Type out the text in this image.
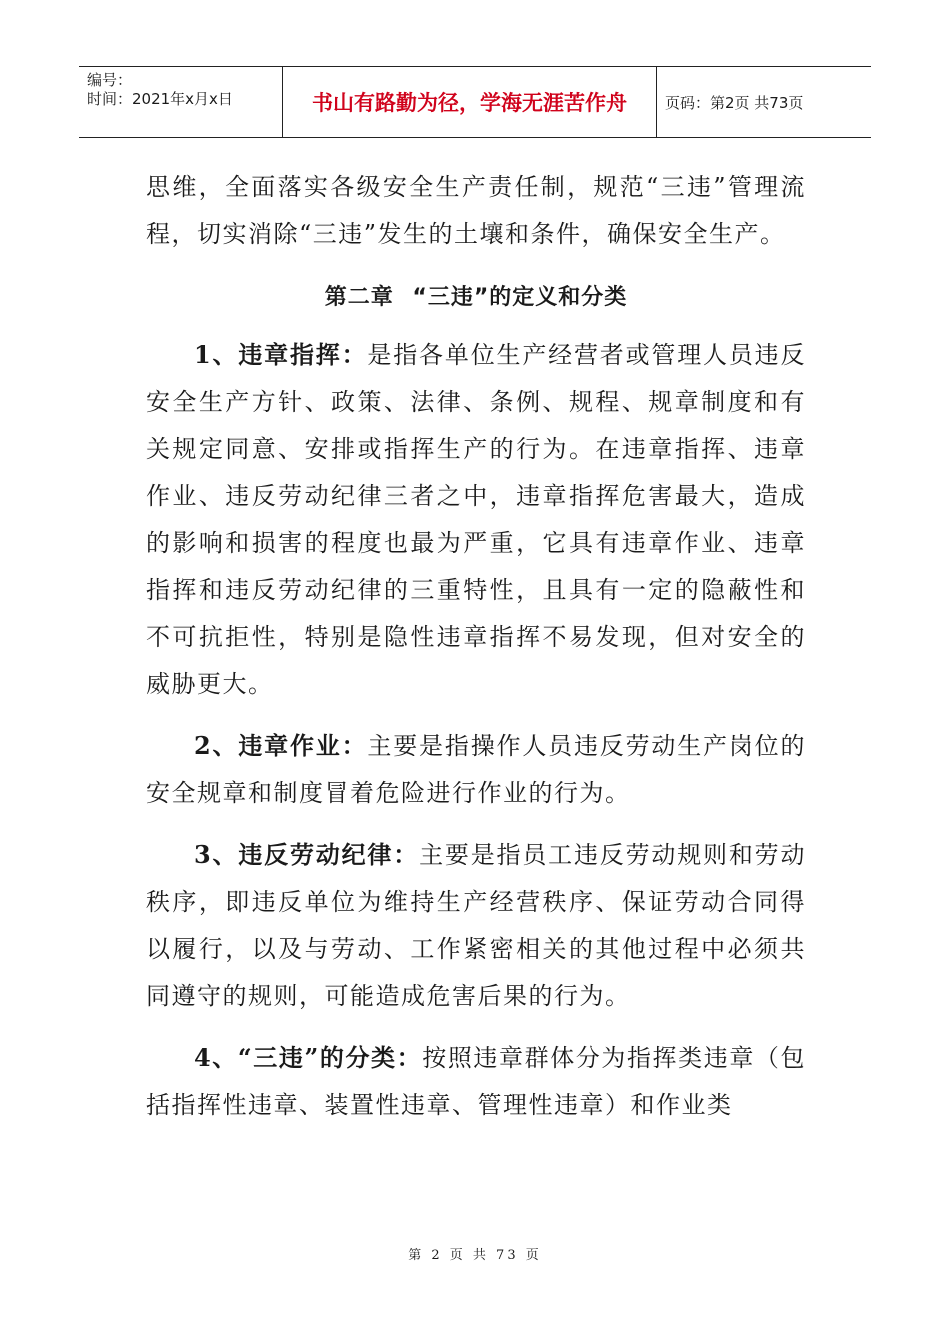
编号：
时间：2021年x月x日	书山有路勤为径，学海无涯苦作舟	页码：第2页 共73页

思维，全面落实各级安全生产责任制，规范“三违”管理流程，切实消除“三违”发生的土壤和条件，确保安全生产。

第二章 “三违”的定义和分类

1、违章指挥：是指各单位生产经营者或管理人员违反安全生产方针、政策、法律、条例、规程、规章制度和有关规定同意、安排或指挥生产的行为。在违章指挥、违章作业、违反劳动纪律三者之中，违章指挥危害最大，造成的影响和损害的程度也最为严重，它具有违章作业、违章指挥和违反劳动纪律的三重特性，且具有一定的隐蔽性和不可抗拒性，特别是隐性违章指挥不易发现，但对安全的威胁更大。

2、违章作业：主要是指操作人员违反劳动生产岗位的安全规章和制度冒着危险进行作业的行为。

3、违反劳动纪律：主要是指员工违反劳动规则和劳动秩序，即违反单位为维持生产经营秩序、保证劳动合同得以履行，以及与劳动、工作紧密相关的其他过程中必须共同遵守的规则，可能造成危害后果的行为。

4、“三违”的分类：按照违章群体分为指挥类违章（包括指挥性违章、装置性违章、管理性违章）和作业类

第 2 页 共 73 页
